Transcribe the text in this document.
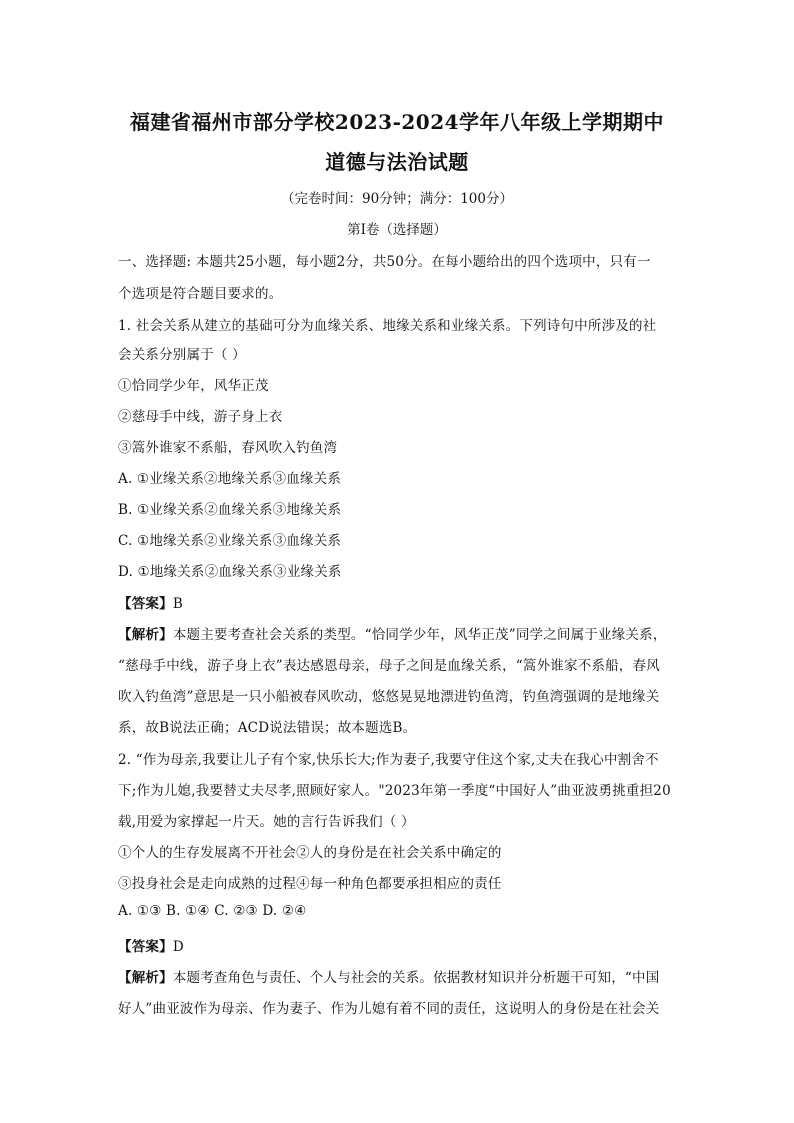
福建省福州市部分学校2023-2024学年八年级上学期期中
道德与法治试题
（完卷时间：90分钟；满分：100分）
第I卷（选择题）
一、选择题: 本题共25小题，每小题2分，共50分。在每小题给出的四个选项中，只有一
个选项是符合题目要求的。
1. 社会关系从建立的基础可分为血缘关系、地缘关系和业缘关系。下列诗句中所涉及的社
会关系分别属于（ ）
①恰同学少年，风华正茂
②慈母手中线，游子身上衣
③篙外谁家不系船，春风吹入钓鱼湾
A. ①业缘关系②地缘关系③血缘关系
B. ①业缘关系②血缘关系③地缘关系
C. ①地缘关系②业缘关系③血缘关系
D. ①地缘关系②血缘关系③业缘关系
【答案】B
【解析】本题主要考查社会关系的类型。“恰同学少年，风华正茂”同学之间属于业缘关系，
“慈母手中线，游子身上衣”表达感恩母亲，母子之间是血缘关系，“篙外谁家不系船，春风
吹入钓鱼湾”意思是一只小船被春风吹动，悠悠晃晃地漂进钓鱼湾，钓鱼湾强调的是地缘关
系，故B说法正确；ACD说法错误；故本题选B。
2. “作为母亲,我要让儿子有个家,快乐长大;作为妻子,我要守住这个家,丈夫在我心中割舍不
下;作为儿媳,我要替丈夫尽孝,照顾好家人。"2023年第一季度“中国好人”曲亚波勇挑重担20
载,用爱为家撑起一片天。她的言行告诉我们（ ）
①个人的生存发展离不开社会②人的身份是在社会关系中确定的
③投身社会是走向成熟的过程④每一种角色都要承担相应的责任
A. ①③ B. ①④ C. ②③ D. ②④
【答案】D
【解析】本题考查角色与责任、个人与社会的关系。依据教材知识并分析题干可知，“中国
好人”曲亚波作为母亲、作为妻子、作为儿媳有着不同的责任，这说明人的身份是在社会关
